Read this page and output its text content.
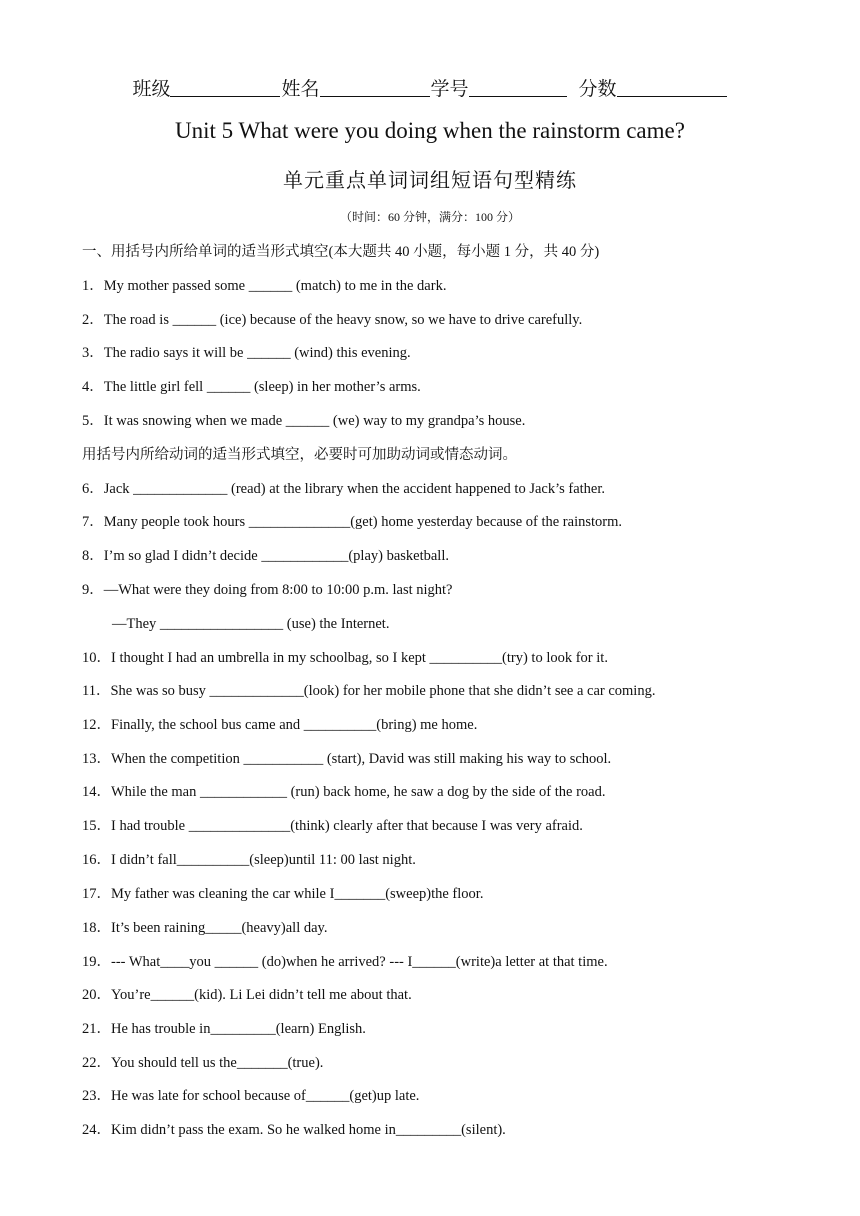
班级	姓名	学号	分数
Unit 5 What were you doing when the rainstorm came?
单元重点单词词组短语句型精练
（时间：60 分钟，满分：100 分）
一、用括号内所给单词的适当形式填空(本大题共 40 小题，每小题 1 分，共 40 分)
1．My mother passed some ______ (match) to me in the dark.
2．The road is ______ (ice) because of the heavy snow, so we have to drive carefully.
3．The radio says it will be ______ (wind) this evening.
4．The little girl fell ______ (sleep) in her mother’s arms.
5．It was snowing when we made ______ (we) way to my grandpa’s house.
用括号内所给动词的适当形式填空，必要时可加助动词或情态动词。
6．Jack _____________ (read) at the library when the accident happened to Jack’s father.
7．Many people took hours ______________(get) home yesterday because of the rainstorm.
8．I’m so glad I didn’t decide ____________(play) basketball.
9．—What were they doing from 8:00 to 10:00 p.m. last night?
—They _________________ (use) the Internet.
10．I thought I had an umbrella in my schoolbag, so I kept __________(try) to look for it.
11．She was so busy _____________(look) for her mobile phone that she didn’t see a car coming.
12．Finally, the school bus came and __________(bring) me home.
13．When the competition ___________ (start), David was still making his way to school.
14．While the man ____________ (run) back home, he saw a dog by the side of the road.
15．I had trouble ______________(think) clearly after that because I was very afraid.
16．I didn’t fall__________(sleep)until 11: 00 last night.
17．My father was cleaning the car while I_______(sweep)the floor.
18．It’s been raining_____(heavy)all day.
19．--- What____you ______ (do)when he arrived? --- I______(write)a letter at that time.
20．You’re______(kid). Li Lei didn’t tell me about that.
21．He has trouble in_________(learn) English.
22．You should tell us the_______(true).
23．He was late for school because of______(get)up late.
24．Kim didn’t pass the exam. So he walked home in_________(silent).
